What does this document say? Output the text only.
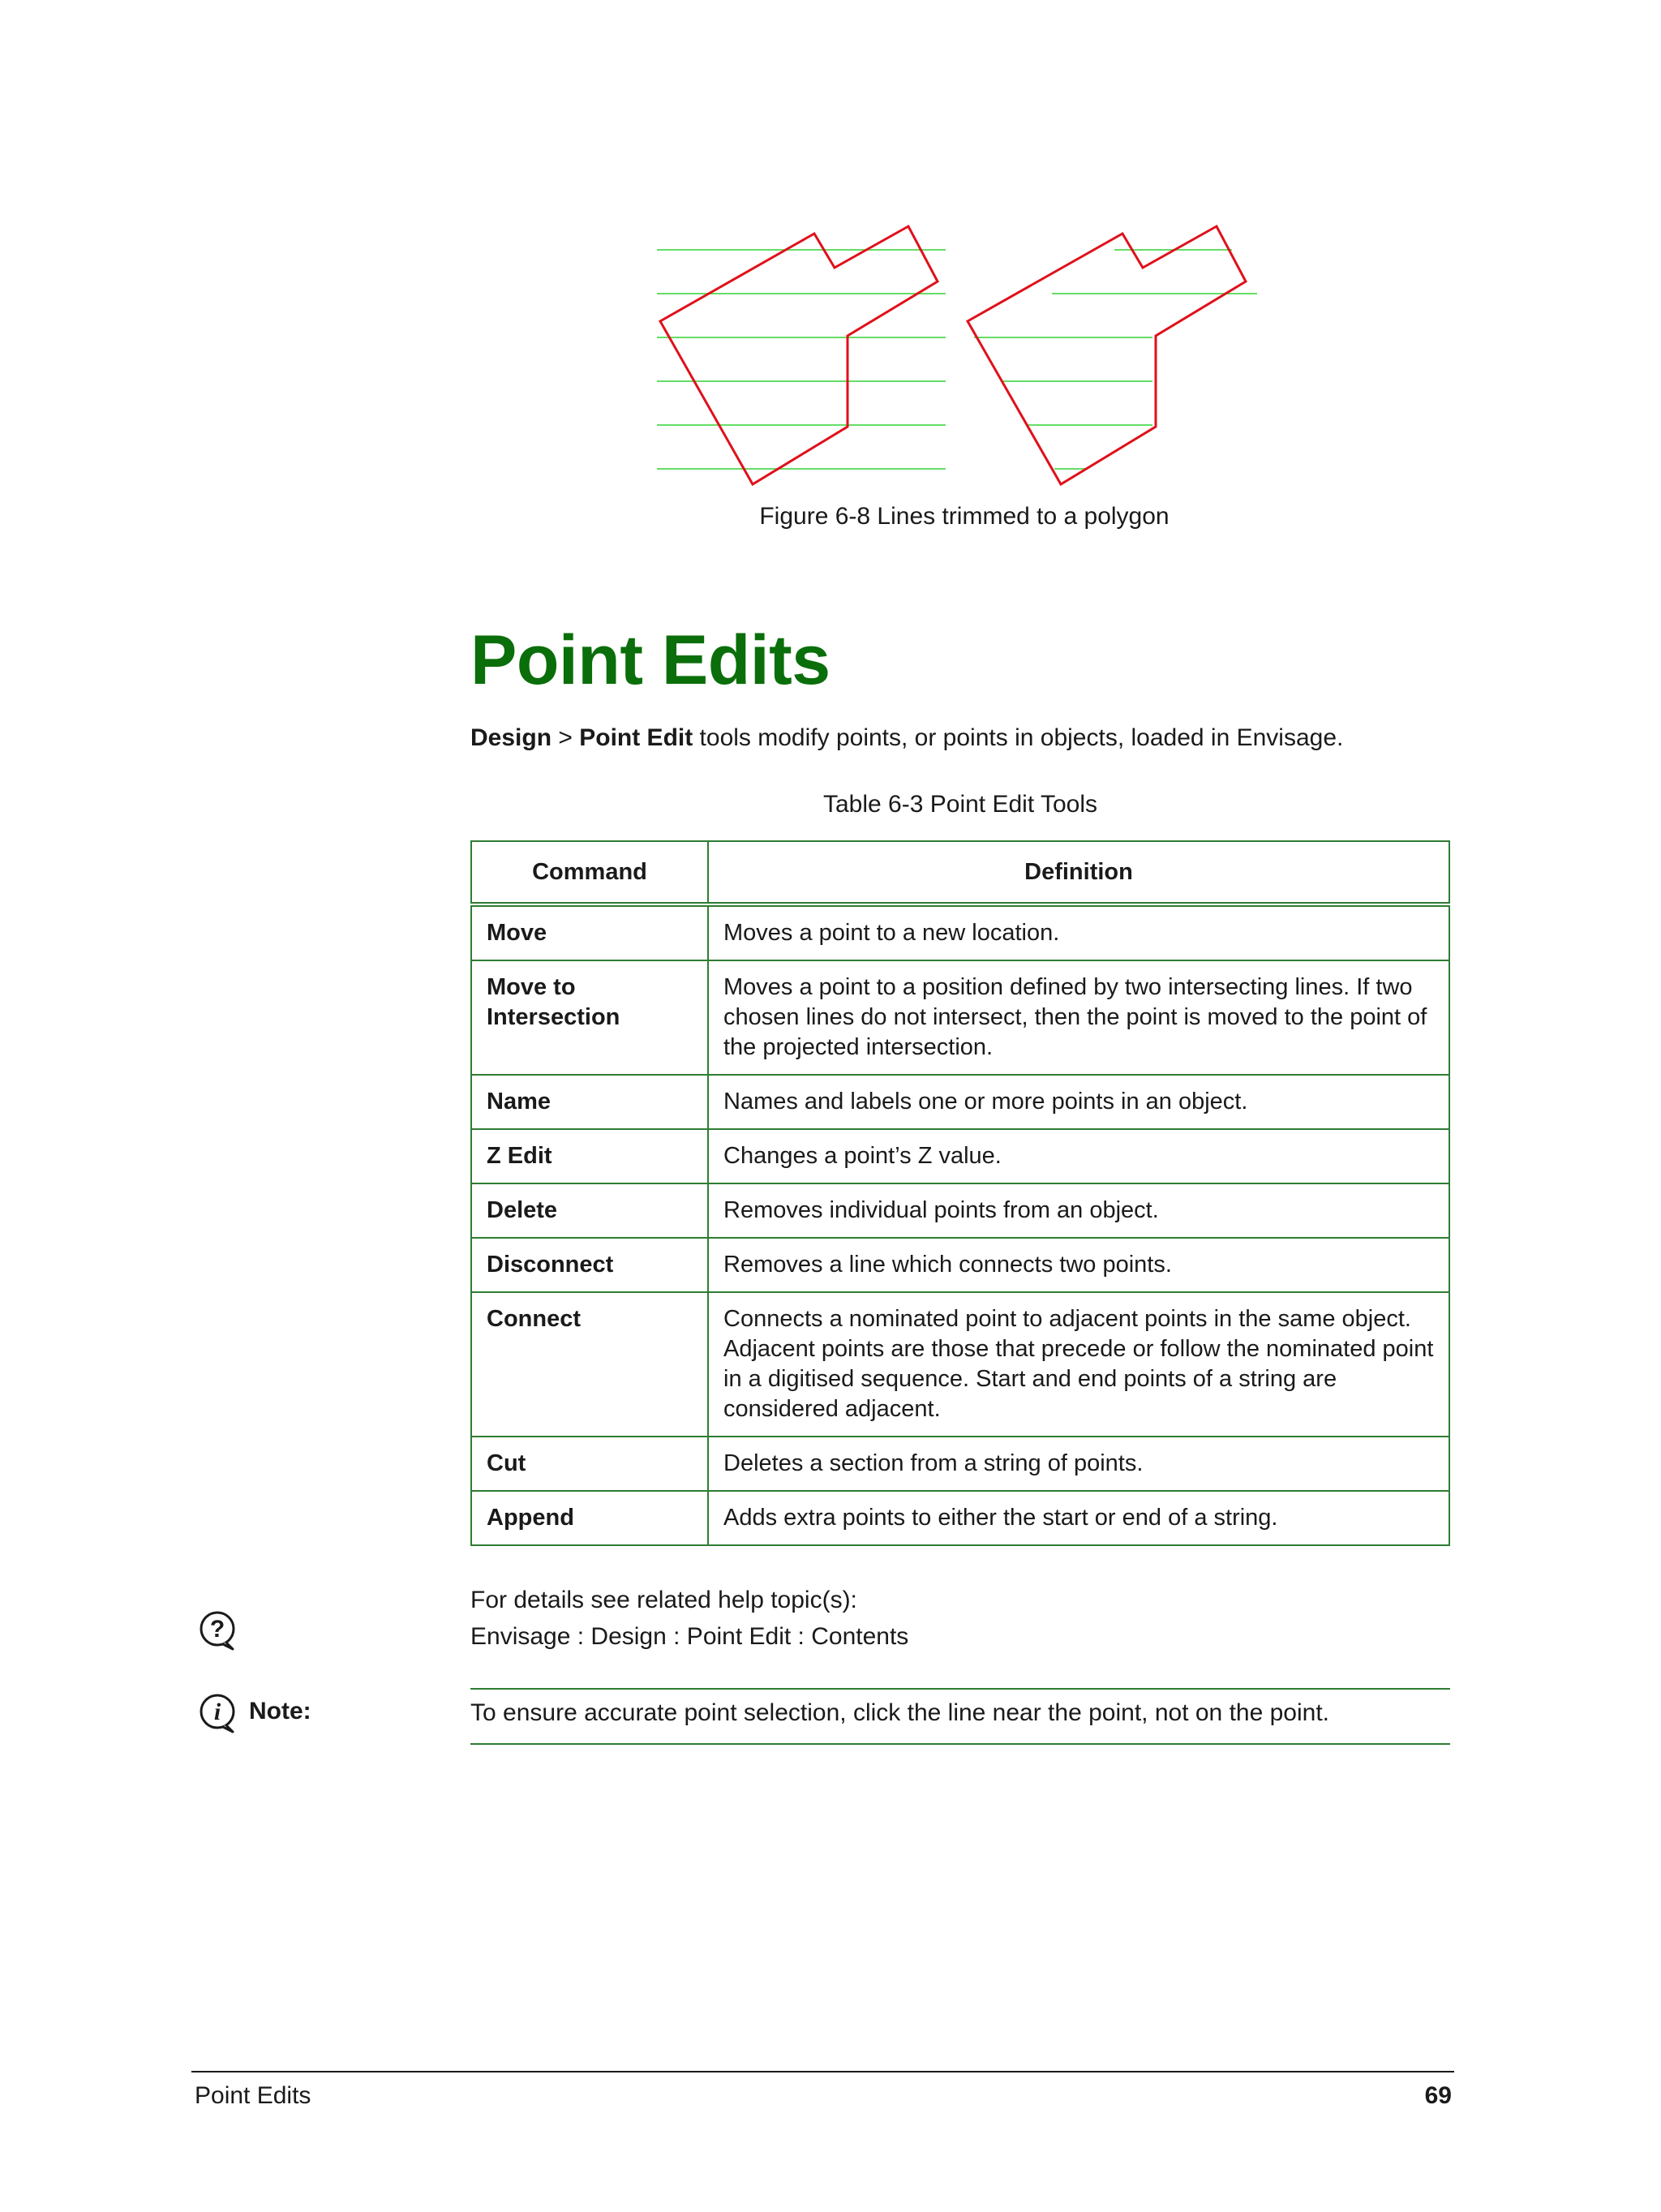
Figure 6-8 Lines trimmed to a polygon
Point Edits
Design > Point Edit tools modify points, or points in objects, loaded in Envisage.
Table 6-3 Point Edit Tools
Command	Definition
Move	Moves a point to a new location.
Move to Intersection	Moves a point to a position defined by two intersecting lines. If two chosen lines do not intersect, then the point is moved to the point of the projected intersection.
Name	Names and labels one or more points in an object.
Z Edit	Changes a point’s Z value.
Delete	Removes individual points from an object.
Disconnect	Removes a line which connects two points.
Connect	Connects a nominated point to adjacent points in the same object. Adjacent points are those that precede or follow the nominated point in a digitised sequence. Start and end points of a string are considered adjacent.
Cut	Deletes a section from a string of points.
Append	Adds extra points to either the start or end of a string.
?
For details see related help topic(s):
Envisage : Design : Point Edit : Contents
i Note:	To ensure accurate point selection, click the line near the point, not on the point.
Point Edits	69
